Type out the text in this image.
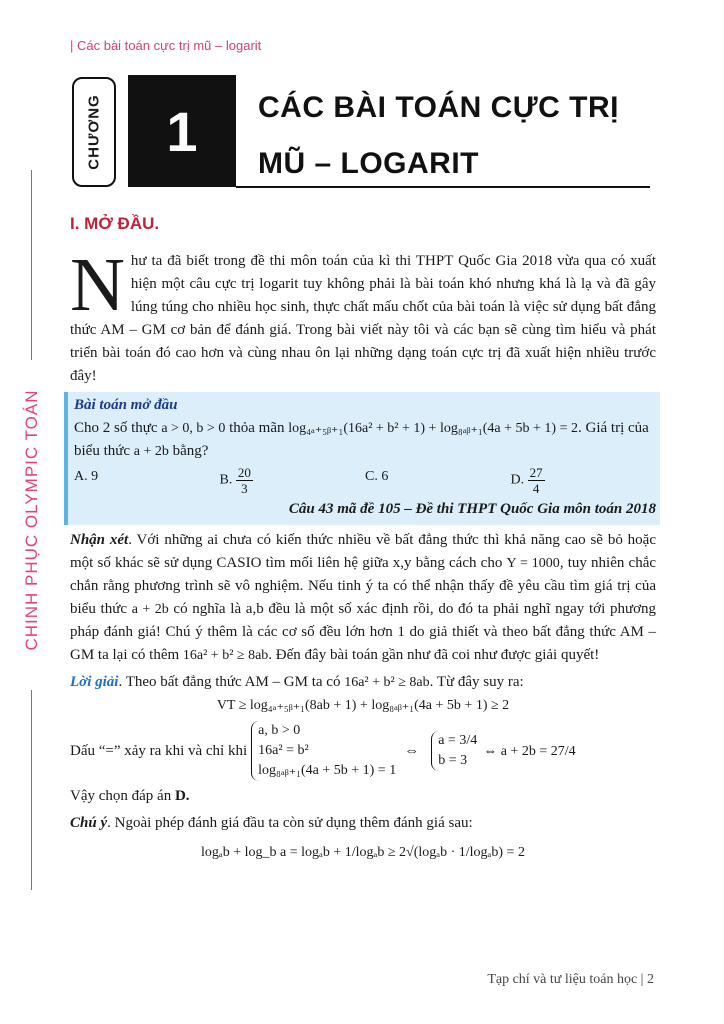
| Các bài toán cực trị mũ – logarit
CHINH PHỤC OLYMPIC TOÁN
CHƯƠNG	1	CÁC BÀI TOÁN CỰC TRỊ
MŨ – LOGARIT
I. MỞ ĐẦU.
N hư ta đã biết trong đề thi môn toán của kì thi THPT Quốc Gia 2018 vừa qua có xuất hiện một câu cực trị logarit tuy không phải là bài toán khó nhưng khá là lạ và đã gây lúng túng cho nhiều học sinh, thực chất mấu chốt của bài toán là việc sử dụng bất đẳng thức AM – GM cơ bản để đánh giá. Trong bài viết này tôi và các bạn sẽ cùng tìm hiểu và phát triển bài toán đó cao hơn và cùng nhau ôn lại những dạng toán cực trị đã xuất hiện nhiều trước đây!
Bài toán mở đầu
Cho 2 số thực a > 0, b > 0 thỏa mãn log₄ₐ₊₅ᵦ₊₁(16a² + b² + 1) + log₈ₐᵦ₊₁(4a + 5b + 1) = 2. Giá trị của biểu thức a + 2b bằng?
A. 9	B. $\frac{20}{3}$	C. 6	D. $\frac{27}{4}$
Câu 43 mã đề 105 – Đề thi THPT Quốc Gia môn toán 2018
Nhận xét. Với những ai chưa có kiến thức nhiều về bất đẳng thức thì khả năng cao sẽ bỏ hoặc một số khác sẽ sử dụng CASIO tìm mối liên hệ giữa x,y bằng cách cho Y = 1000, tuy nhiên chắc chắn rằng phương trình sẽ vô nghiệm. Nếu tinh ý ta có thể nhận thấy đề yêu cầu tìm giá trị của biểu thức a + 2b có nghĩa là a,b đều là một số xác định rồi, do đó ta phải nghĩ ngay tới phương pháp đánh giá! Chú ý thêm là các cơ số đều lớn hơn 1 do giả thiết và theo bất đẳng thức AM – GM ta lại có thêm 16a² + b² ≥ 8ab. Đến đây bài toán gần như đã coi như được giải quyết!
Lời giải. Theo bất đẳng thức AM – GM ta có 16a² + b² ≥ 8ab. Từ đây suy ra:
VT ≥ log₄ₐ₊₅ᵦ₊₁(8ab + 1) + log₈ₐᵦ₊₁(4a + 5b + 1) ≥ 2
Dấu “=” xảy ra khi và chỉ khi
a, b > 0
16a² = b²
log₈ₐᵦ₊₁(4a + 5b + 1) = 1
⇔
a = 3/4
b = 3
⇔ a + 2b = 27/4
Vậy chọn đáp án D.
Chú ý. Ngoài phép đánh giá đầu ta còn sử dụng thêm đánh giá sau:
logₐb + log_b a = logₐb + 1/logₐb ≥ 2√(logₐb · 1/logₐb) = 2
Tạp chí và tư liệu toán học | 2
